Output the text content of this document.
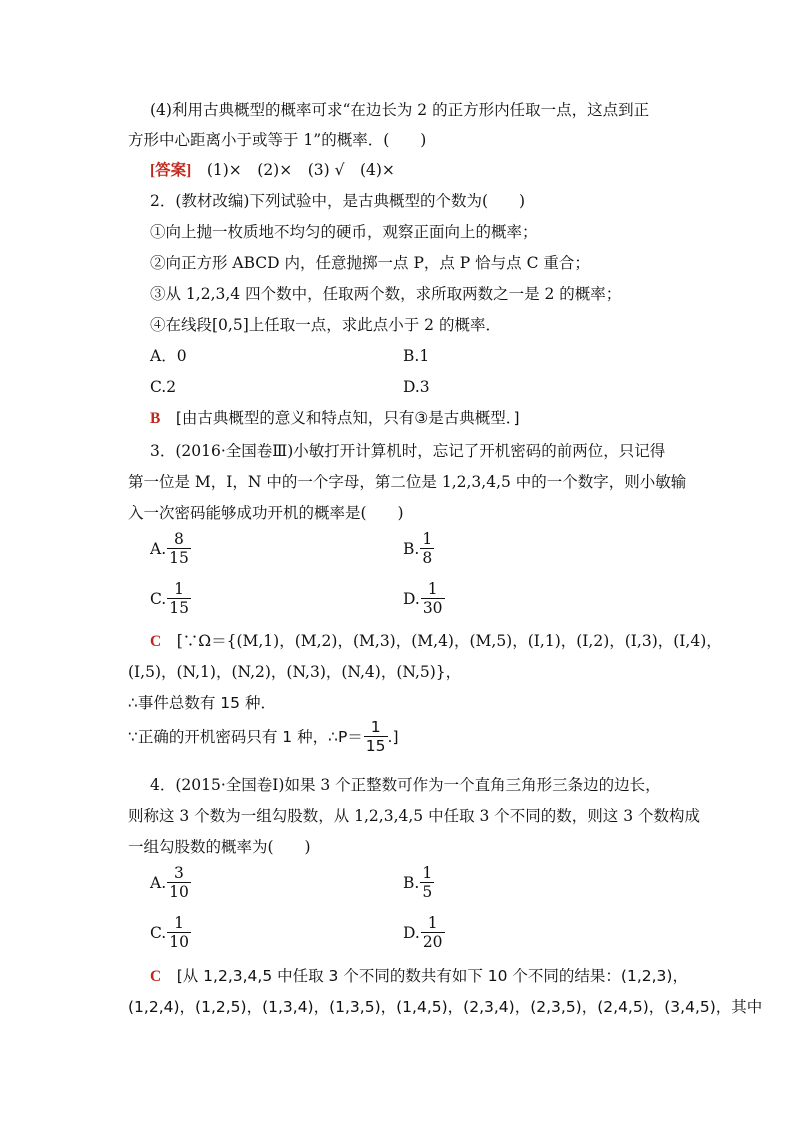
(4)利用古典概型的概率可求“在边长为 2 的正方形内任取一点，这点到正
方形中心距离小于或等于 1”的概率．(　　)
[答案]　(1)×　(2)×　(3) √　(4)×
2．(教材改编)下列试验中，是古典概型的个数为(　　)
①向上抛一枚质地不均匀的硬币，观察正面向上的概率；
②向正方形 ABCD 内，任意抛掷一点 P，点 P 恰与点 C 重合；
③从 1,2,3,4 四个数中，任取两个数，求所取两数之一是 2 的概率；
④在线段[0,5]上任取一点，求此点小于 2 的概率．
A．0	B.1
C.2	D.3
B　[由古典概型的意义和特点知，只有③是古典概型．]
3．(2016·全国卷Ⅲ)小敏打开计算机时，忘记了开机密码的前两位，只记得
第一位是 M，I，N 中的一个字母，第二位是 1,2,3,4,5 中的一个数字，则小敏输
入一次密码能够成功开机的概率是(　　)
A. $\frac{8}{15}$	B. $\frac{1}{8}$
C. $\frac{1}{15}$	D. $\frac{1}{30}$
C　[∵Ω＝{(M,1)，(M,2)，(M,3)，(M,4)，(M,5)，(I,1)，(I,2)，(I,3)，(I,4)，
(I,5)，(N,1)，(N,2)，(N,3)，(N,4)，(N,5)}，
∴事件总数有 15 种．
∵正确的开机密码只有 1 种，∴P＝ $\frac{1}{15}$ .]
4．(2015·全国卷Ⅰ)如果 3 个正整数可作为一个直角三角形三条边的边长，
则称这 3 个数为一组勾股数，从 1,2,3,4,5 中任取 3 个不同的数，则这 3 个数构成
一组勾股数的概率为(　　)
A. $\frac{3}{10}$	B. $\frac{1}{5}$
C. $\frac{1}{10}$	D. $\frac{1}{20}$
C　[从 1,2,3,4,5 中任取 3 个不同的数共有如下 10 个不同的结果：(1,2,3)，
(1,2,4)，(1,2,5)，(1,3,4)，(1,3,5)，(1,4,5)，(2,3,4)，(2,3,5)，(2,4,5)，(3,4,5)，其中
